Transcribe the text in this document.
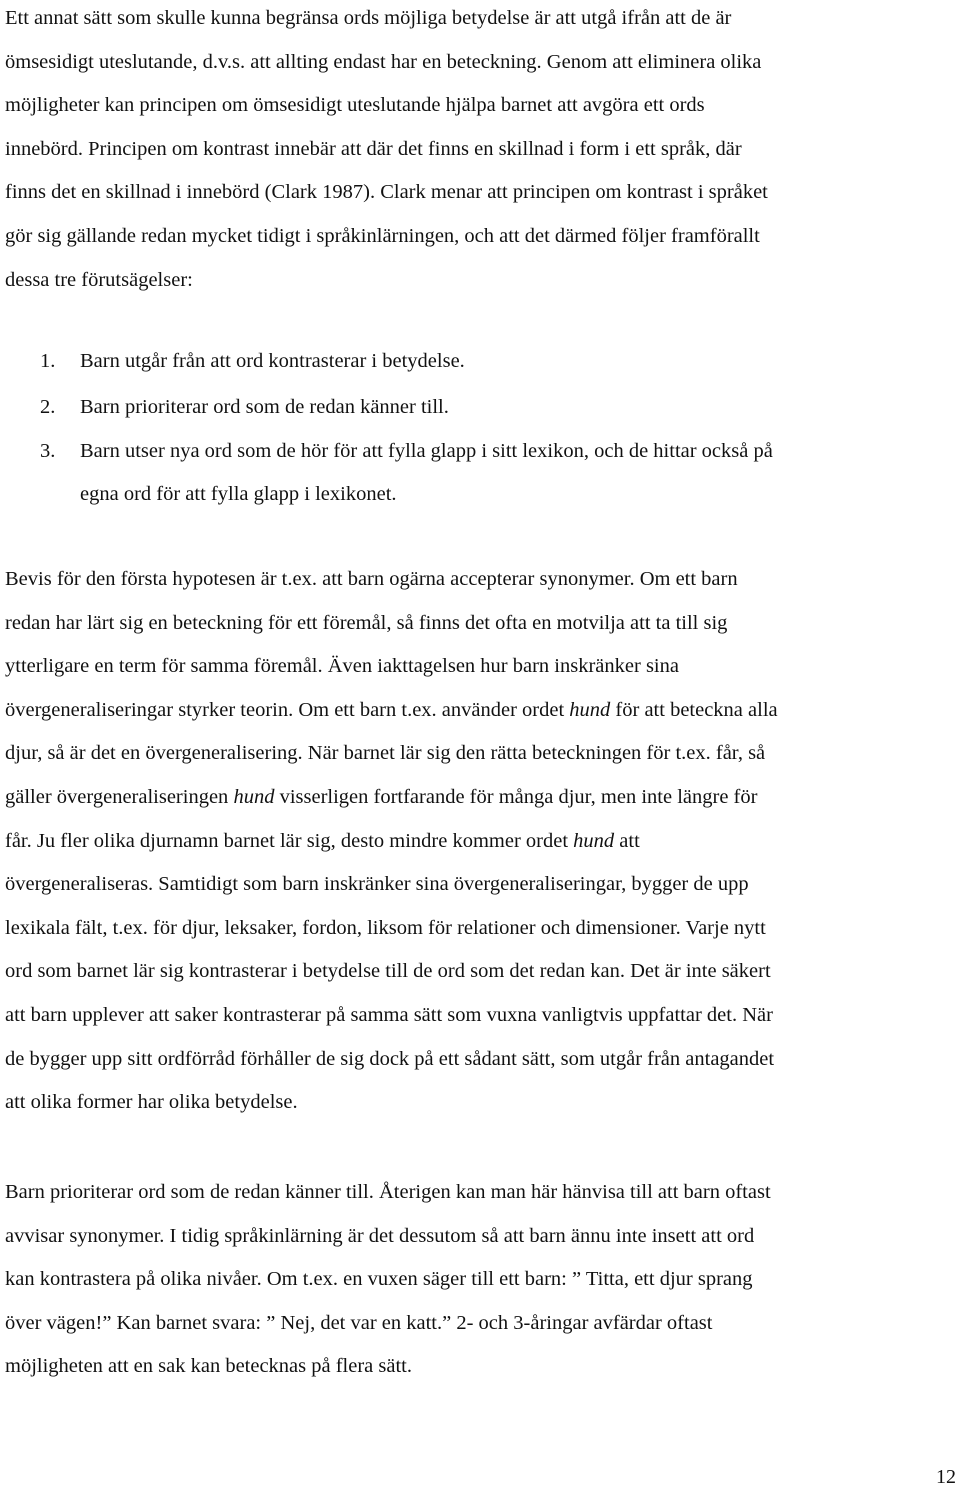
Ett annat sätt som skulle kunna begränsa ords möjliga betydelse är att utgå ifrån att de är
ömsesidigt uteslutande, d.v.s. att allting endast har en beteckning. Genom att eliminera olika
möjligheter kan principen om ömsesidigt uteslutande hjälpa barnet att avgöra ett ords
innebörd. Principen om kontrast innebär att där det finns en skillnad i form i ett språk, där
finns det en skillnad i innebörd (Clark 1987). Clark menar att principen om kontrast i språket
gör sig gällande redan mycket tidigt i språkinlärningen, och att det därmed följer framförallt
dessa tre förutsägelser:
1. Barn utgår från att ord kontrasterar i betydelse.
2. Barn prioriterar ord som de redan känner till.
3. Barn utser nya ord som de hör för att fylla glapp i sitt lexikon, och de hittar också på
egna ord för att fylla glapp i lexikonet.
Bevis för den första hypotesen är t.ex. att barn ogärna accepterar synonymer. Om ett barn
redan har lärt sig en beteckning för ett föremål, så finns det ofta en motvilja att ta till sig
ytterligare en term för samma föremål. Även iakttagelsen hur barn inskränker sina
övergeneraliseringar styrker teorin. Om ett barn t.ex. använder ordet hund för att beteckna alla
djur, så är det en övergeneralisering. När barnet lär sig den rätta beteckningen för t.ex. får, så
gäller övergeneraliseringen hund visserligen fortfarande för många djur, men inte längre för
får. Ju fler olika djurnamn barnet lär sig, desto mindre kommer ordet hund att
övergeneraliseras. Samtidigt som barn inskränker sina övergeneraliseringar, bygger de upp
lexikala fält, t.ex. för djur, leksaker, fordon, liksom för relationer och dimensioner. Varje nytt
ord som barnet lär sig kontrasterar i betydelse till de ord som det redan kan. Det är inte säkert
att barn upplever att saker kontrasterar på samma sätt som vuxna vanligtvis uppfattar det. När
de bygger upp sitt ordförråd förhåller de sig dock på ett sådant sätt, som utgår från antagandet
att olika former har olika betydelse.
Barn prioriterar ord som de redan känner till. Återigen kan man här hänvisa till att barn oftast
avvisar synonymer. I tidig språkinlärning är det dessutom så att barn ännu inte insett att ord
kan kontrastera på olika nivåer. Om t.ex. en vuxen säger till ett barn: ” Titta, ett djur sprang
över vägen!” Kan barnet svara: ” Nej, det var en katt.” 2- och 3-åringar avfärdar oftast
möjligheten att en sak kan betecknas på flera sätt.
12
